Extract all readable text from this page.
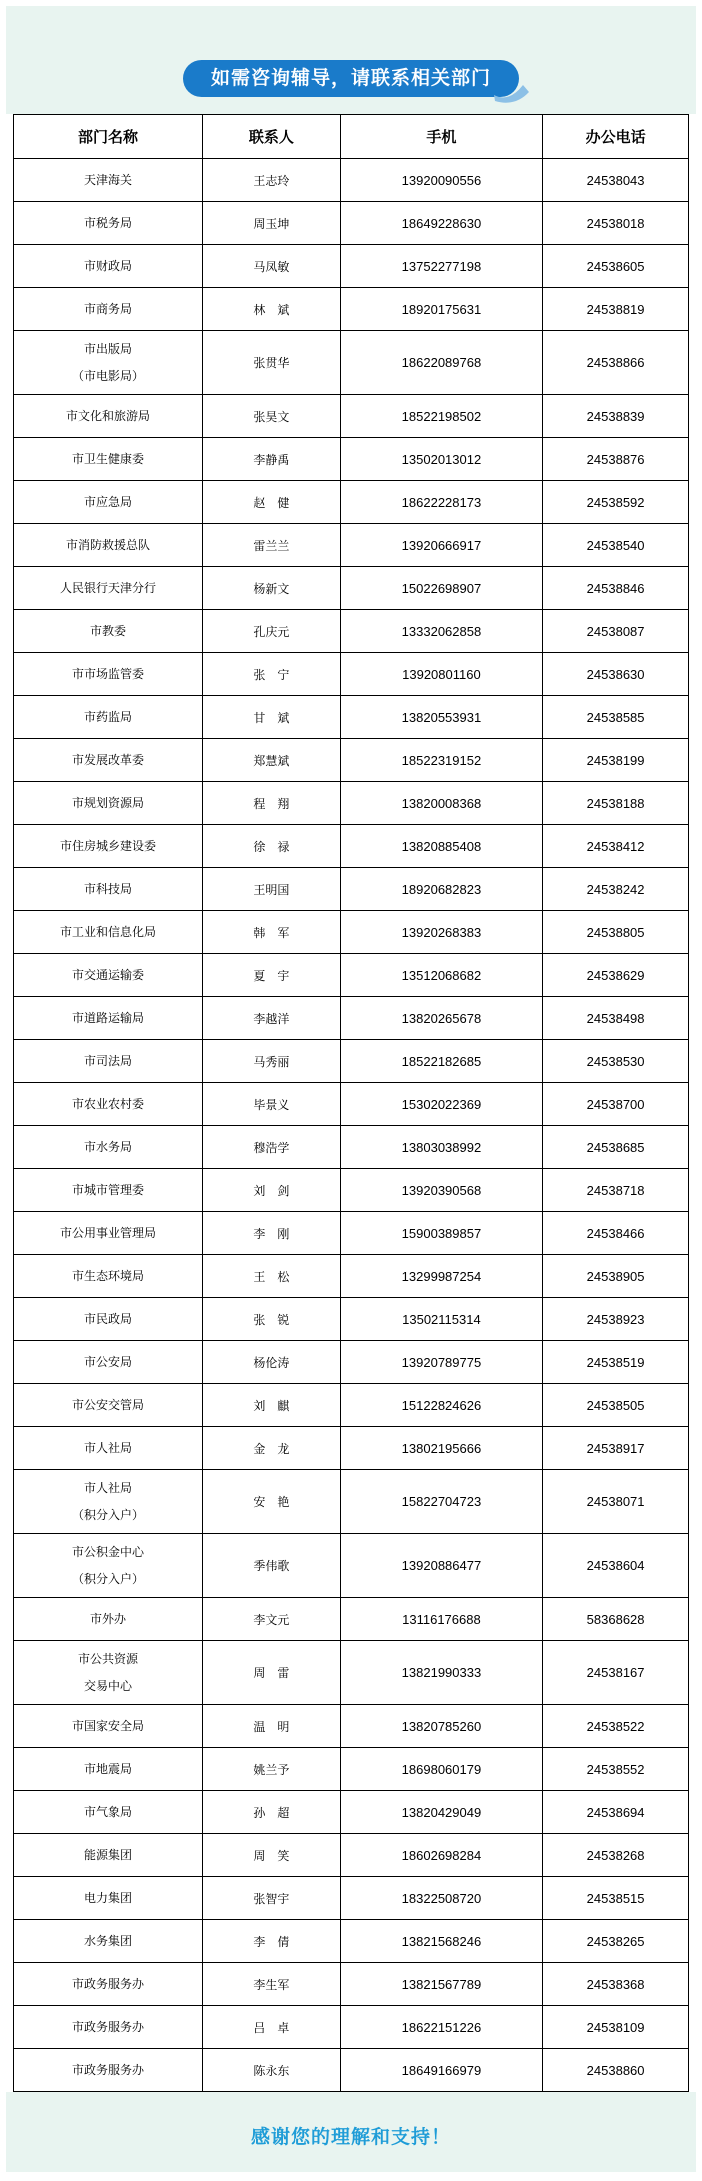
如需咨询辅导，请联系相关部门
部门名称	联系人	手机	办公电话

天津海关	王志玲	13920090556	24538043

市税务局	周玉坤	18649228630	24538018

市财政局	马凤敏	13752277198	24538605

市商务局	林　斌	18920175631	24538819

市出版局
（市电影局）	张贯华	18622089768	24538866

市文化和旅游局	张昊文	18522198502	24538839

市卫生健康委	李静禹	13502013012	24538876

市应急局	赵　健	18622228173	24538592

市消防救援总队	雷兰兰	13920666917	24538540

人民银行天津分行	杨新文	15022698907	24538846

市教委	孔庆元	13332062858	24538087

市市场监管委	张　宁	13920801160	24538630

市药监局	甘　斌	13820553931	24538585

市发展改革委	郑慧斌	18522319152	24538199

市规划资源局	程　翔	13820008368	24538188

市住房城乡建设委	徐　禄	13820885408	24538412

市科技局	王明国	18920682823	24538242

市工业和信息化局	韩　军	13920268383	24538805

市交通运输委	夏　宇	13512068682	24538629

市道路运输局	李越洋	13820265678	24538498

市司法局	马秀丽	18522182685	24538530

市农业农村委	毕景义	15302022369	24538700

市水务局	穆浩学	13803038992	24538685

市城市管理委	刘　剑	13920390568	24538718

市公用事业管理局	李　刚	15900389857	24538466

市生态环境局	王　松	13299987254	24538905

市民政局	张　锐	13502115314	24538923

市公安局	杨伦涛	13920789775	24538519

市公安交管局	刘　麒	15122824626	24538505

市人社局	金　龙	13802195666	24538917

市人社局
（积分入户）	安　艳	15822704723	24538071

市公积金中心
（积分入户）	季伟歌	13920886477	24538604

市外办	李文元	13116176688	58368628

市公共资源
交易中心	周　雷	13821990333	24538167

市国家安全局	温　明	13820785260	24538522

市地震局	姚兰予	18698060179	24538552

市气象局	孙　超	13820429049	24538694

能源集团	周　笑	18602698284	24538268

电力集团	张智宇	18322508720	24538515

水务集团	李　倩	13821568246	24538265

市政务服务办	李生军	13821567789	24538368

市政务服务办	吕　卓	18622151226	24538109

市政务服务办	陈永东	18649166979	24538860

感谢您的理解和支持！
